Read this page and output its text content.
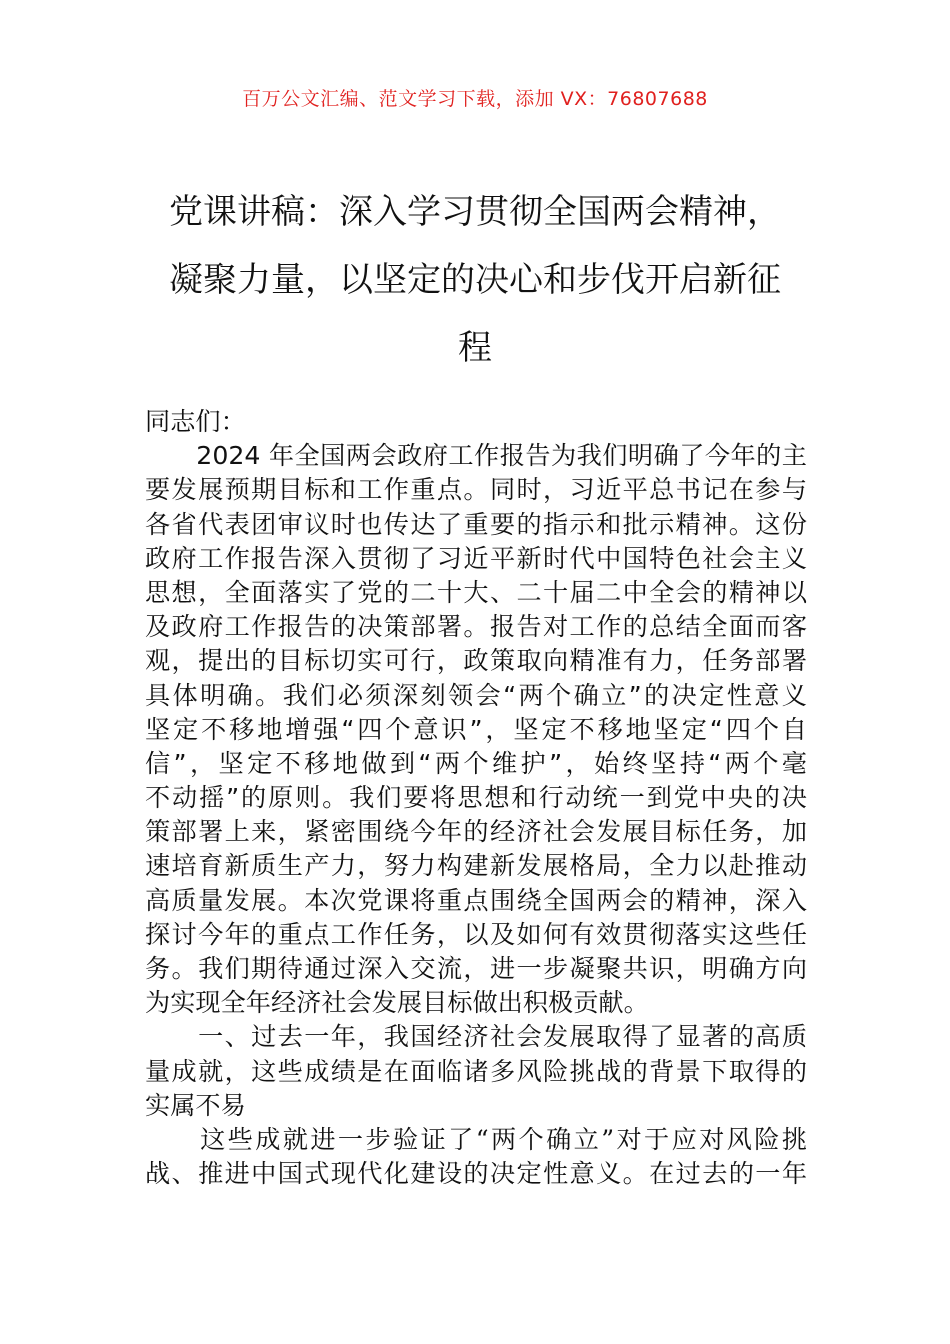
百万公文汇编、范文学习下载，添加 VX：76807688
党课讲稿：深入学习贯彻全国两会精神，
凝聚力量，以坚定的决心和步伐开启新征
程
同志们：
　　2024 年全国两会政府工作报告为我们明确了今年的主
要发展预期目标和工作重点。同时，习近平总书记在参与
各省代表团审议时也传达了重要的指示和批示精神。这份
政府工作报告深入贯彻了习近平新时代中国特色社会主义
思想，全面落实了党的二十大、二十届二中全会的精神以
及政府工作报告的决策部署。报告对工作的总结全面而客
观，提出的目标切实可行，政策取向精准有力，任务部署
具体明确。我们必须深刻领会“两个确立”的决定性意义
坚定不移地增强“四个意识”，坚定不移地坚定“四个自
信”，坚定不移地做到“两个维护”，始终坚持“两个毫
不动摇”的原则。我们要将思想和行动统一到党中央的决
策部署上来，紧密围绕今年的经济社会发展目标任务，加
速培育新质生产力，努力构建新发展格局，全力以赴推动
高质量发展。本次党课将重点围绕全国两会的精神，深入
探讨今年的重点工作任务，以及如何有效贯彻落实这些任
务。我们期待通过深入交流，进一步凝聚共识，明确方向
为实现全年经济社会发展目标做出积极贡献。
　　一、过去一年，我国经济社会发展取得了显著的高质
量成就，这些成绩是在面临诸多风险挑战的背景下取得的
实属不易
　　这些成就进一步验证了“两个确立”对于应对风险挑
战、推进中国式现代化建设的决定性意义。在过去的一年
